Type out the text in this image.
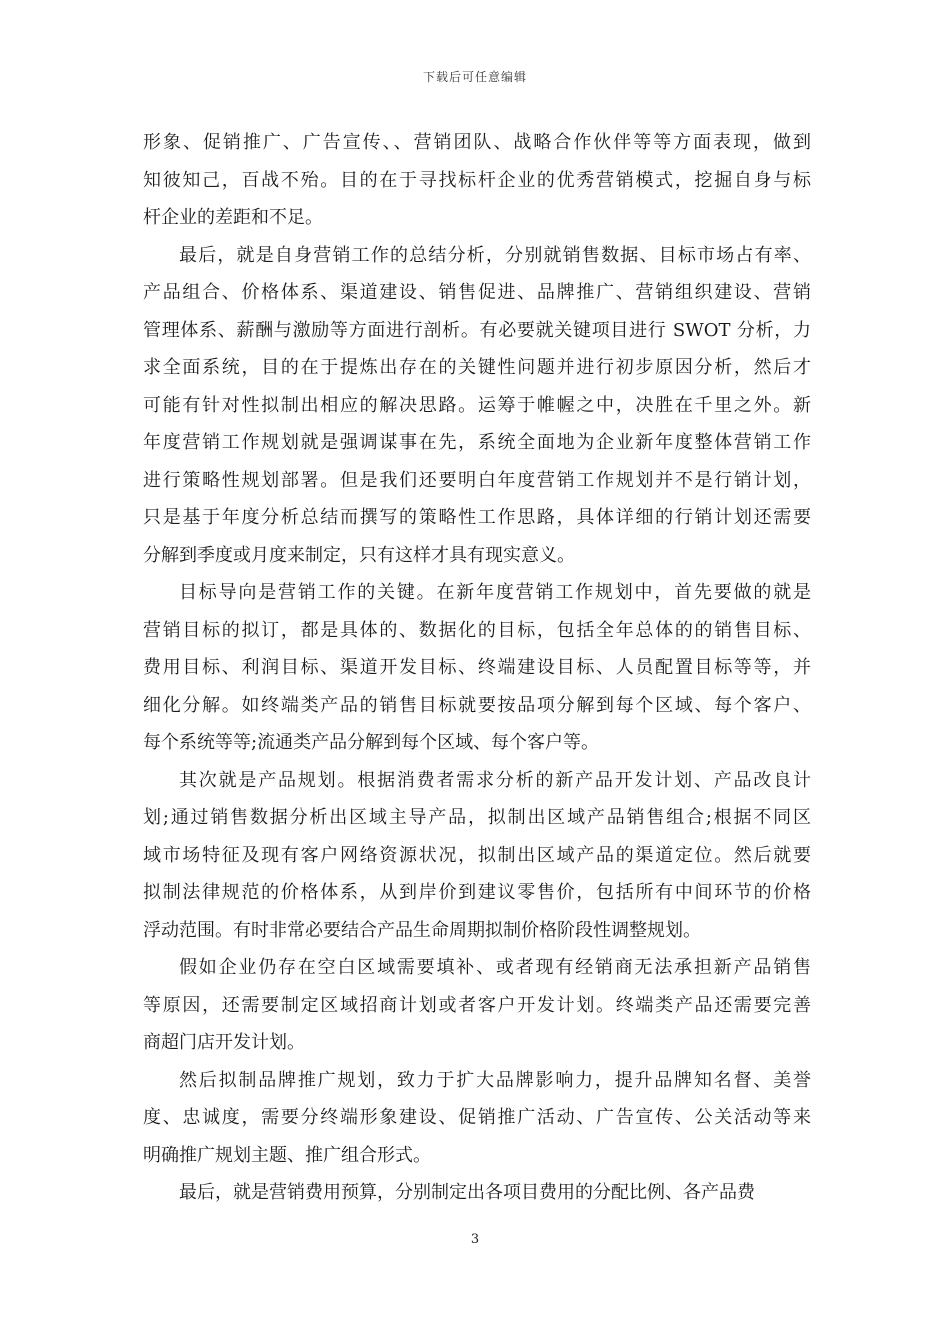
下载后可任意编辑
形象、促销推广、广告宣传、、营销团队、战略合作伙伴等等方面表现，做到
知彼知己，百战不殆。目的在于寻找标杆企业的优秀营销模式，挖掘自身与标
杆企业的差距和不足。
最后，就是自身营销工作的总结分析，分别就销售数据、目标市场占有率、
产品组合、价格体系、渠道建设、销售促进、品牌推广、营销组织建设、营销
管理体系、薪酬与激励等方面进行剖析。有必要就关键项目进行 SWOT 分析，力
求全面系统，目的在于提炼出存在的关键性问题并进行初步原因分析，然后才
可能有针对性拟制出相应的解决思路。运筹于帷幄之中，决胜在千里之外。新
年度营销工作规划就是强调谋事在先，系统全面地为企业新年度整体营销工作
进行策略性规划部署。但是我们还要明白年度营销工作规划并不是行销计划，
只是基于年度分析总结而撰写的策略性工作思路，具体详细的行销计划还需要
分解到季度或月度来制定，只有这样才具有现实意义。
目标导向是营销工作的关键。在新年度营销工作规划中，首先要做的就是
营销目标的拟订，都是具体的、数据化的目标，包括全年总体的的销售目标、
费用目标、利润目标、渠道开发目标、终端建设目标、人员配置目标等等，并
细化分解。如终端类产品的销售目标就要按品项分解到每个区域、每个客户、
每个系统等等;流通类产品分解到每个区域、每个客户等。
其次就是产品规划。根据消费者需求分析的新产品开发计划、产品改良计
划;通过销售数据分析出区域主导产品，拟制出区域产品销售组合;根据不同区
域市场特征及现有客户网络资源状况，拟制出区域产品的渠道定位。然后就要
拟制法律规范的价格体系，从到岸价到建议零售价，包括所有中间环节的价格
浮动范围。有时非常必要结合产品生命周期拟制价格阶段性调整规划。
假如企业仍存在空白区域需要填补、或者现有经销商无法承担新产品销售
等原因，还需要制定区域招商计划或者客户开发计划。终端类产品还需要完善
商超门店开发计划。
然后拟制品牌推广规划，致力于扩大品牌影响力，提升品牌知名督、美誉
度、忠诚度，需要分终端形象建设、促销推广活动、广告宣传、公关活动等来
明确推广规划主题、推广组合形式。
最后，就是营销费用预算，分别制定出各项目费用的分配比例、各产品费
3
